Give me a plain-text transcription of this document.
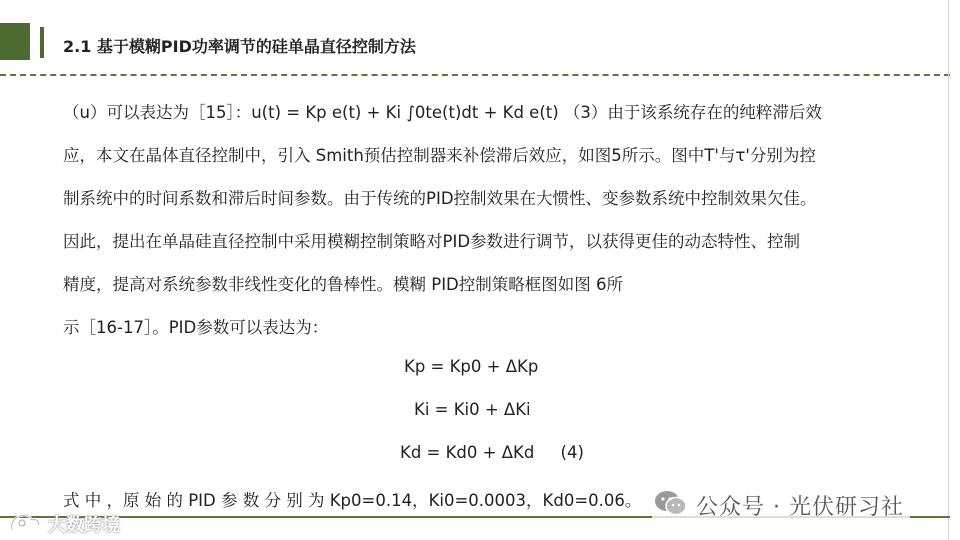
2.1 基于模糊PID功率调节的硅单晶直径控制方法
（u）可以表达为［15］：u(t) = Kp e(t) + Ki ∫0te(t)dt + Kd e(t) （3）由于该系统存在的纯粹滞后效
应，本文在晶体直径控制中，引入 Smith预估控制器来补偿滞后效应，如图5所示。图中T'与τ'分别为控
制系统中的时间系数和滞后时间参数。由于传统的PID控制效果在大惯性、变参数系统中控制效果欠佳。
因此，提出在单晶硅直径控制中采用模糊控制策略对PID参数进行调节，以获得更佳的动态特性、控制
精度，提高对系统参数非线性变化的鲁棒性。模糊 PID控制策略框图如图 6所
示［16-17］。PID参数可以表达为：
Kp = Kp0 + ΔKp
Ki = Ki0 + ΔKi
Kd = Kd0 + ΔKd     (4)
式 中 ，原 始 的 PID 参 数 分 别 为 Kp0=0.14，Ki0=0.0003，Kd0=0.06。 公众号 · 光伏研习社
大数跨境
